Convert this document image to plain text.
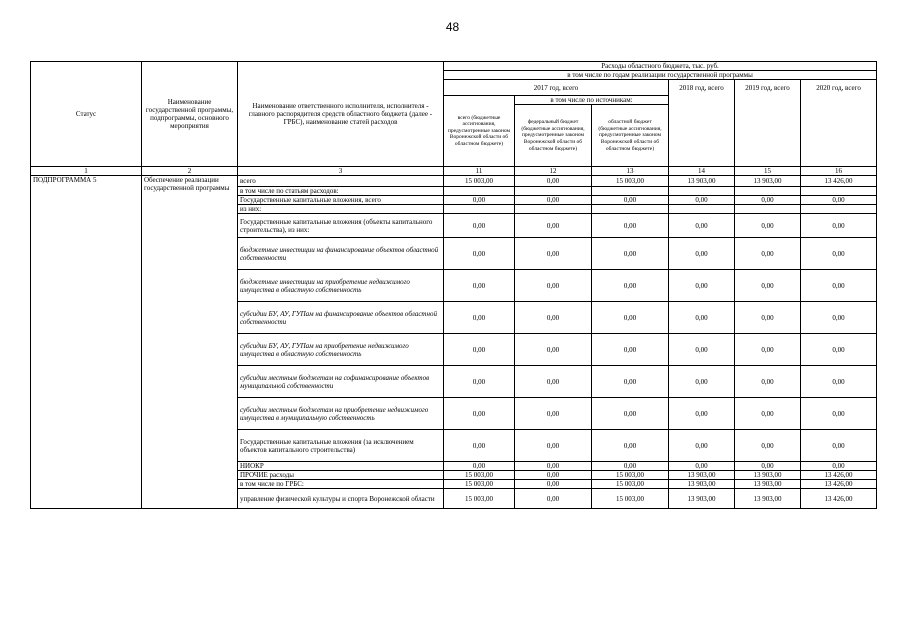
48
Статус	Наименование государственной программы, подпрограммы, основного мероприятия	Наименование ответственного исполнителя, исполнителя - главного распорядителя средств областного бюджета (далее - ГРБС), наименование статей расходов	Расходы областного бюджета, тыс. руб.					
			в том числе по годам реализации государственной программы					
			2017 год, всего			2018 год, всего	2019 год, всего	2020 год, всего
			всего (бюджетные ассигнования, предусмотренные законом Воронежской области об областном бюджете)	в том числе по источникам:				
				федеральный бюджет (бюджетные ассигнования, предусмотренные законом Воронежской области об областном бюджете)	областной бюджет (бюджетные ассигнования, предусмотренные законом Воронежской области об областном бюджете)			
1	2	3	11	12	13	14	15	16
ПОДПРОГРАММА 5	Обеспечение реализации государственной программы	всего	15 003,00	0,00	15 003,00	13 903,00	13 903,00	13 426,00
		в том числе по статьям расходов:						
		Государственные капитальные вложения, всего	0,00	0,00	0,00	0,00	0,00	0,00
		из них:						
		Государственные капитальные вложения (объекты капитального строительства), из них:	0,00	0,00	0,00	0,00	0,00	0,00
		бюджетные инвестиции на финансирование объектов областной собственности	0,00	0,00	0,00	0,00	0,00	0,00
		бюджетные инвестиции на приобретение недвижимого имущества в областную собственность	0,00	0,00	0,00	0,00	0,00	0,00
		субсидии БУ, АУ, ГУПам на финансирование объектов областной собственности	0,00	0,00	0,00	0,00	0,00	0,00
		субсидии БУ, АУ, ГУПам на приобретение недвижимого имущества в областную собственность	0,00	0,00	0,00	0,00	0,00	0,00
		субсидии местным бюджетам на софинансирование объектов муниципальной собственности	0,00	0,00	0,00	0,00	0,00	0,00
		субсидии местным бюджетам на приобретение недвижимого имущества в муниципальную собственность	0,00	0,00	0,00	0,00	0,00	0,00
		Государственные капитальные вложения (за исключением объектов капитального строительства)	0,00	0,00	0,00	0,00	0,00	0,00
		НИОКР	0,00	0,00	0,00	0,00	0,00	0,00
		ПРОЧИЕ расходы	15 003,00	0,00	15 003,00	13 903,00	13 903,00	13 426,00
		в том числе по ГРБС:	15 003,00	0,00	15 003,00	13 903,00	13 903,00	13 426,00
		управление физической культуры и спорта Воронежской области	15 003,00	0,00	15 003,00	13 903,00	13 903,00	13 426,00
